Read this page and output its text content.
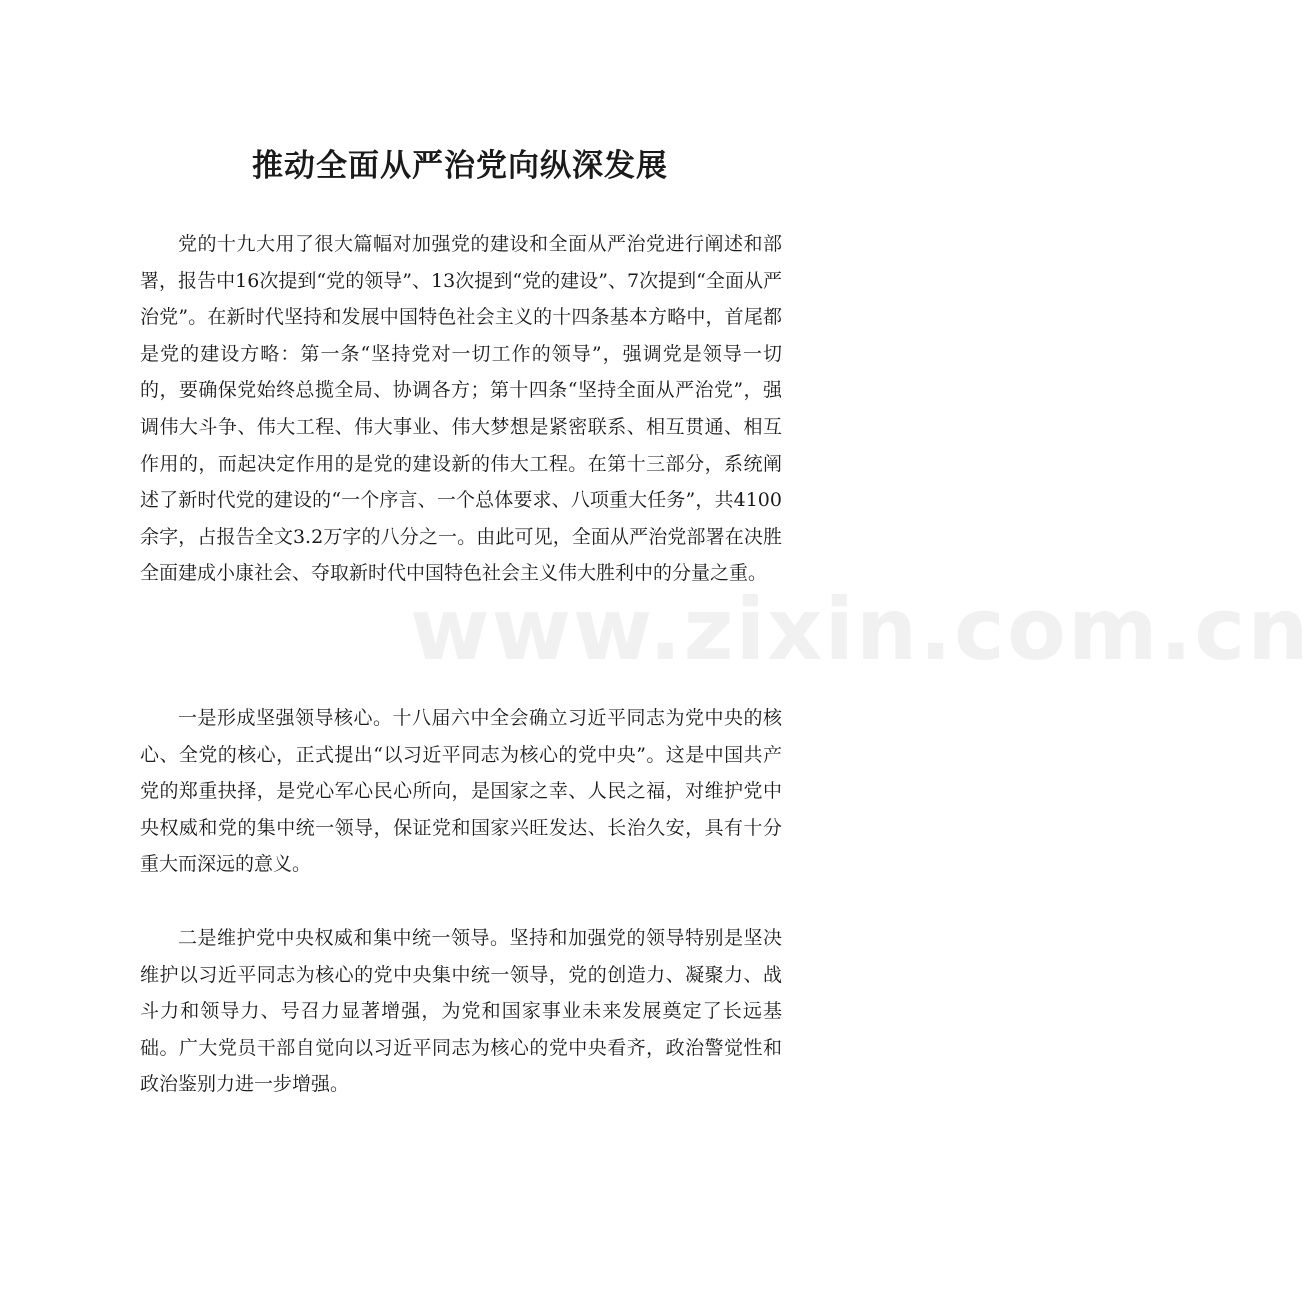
www.zixin.com.cn
推动全面从严治党向纵深发展

党的十九大用了很大篇幅对加强党的建设和全面从严治党进行阐述和部署，报告中16次提到“党的领导”、13次提到“党的建设”、7次提到“全面从严治党”。在新时代坚持和发展中国特色社会主义的十四条基本方略中，首尾都是党的建设方略：第一条“坚持党对一切工作的领导”，强调党是领导一切的，要确保党始终总揽全局、协调各方；第十四条“坚持全面从严治党”，强调伟大斗争、伟大工程、伟大事业、伟大梦想是紧密联系、相互贯通、相互作用的，而起决定作用的是党的建设新的伟大工程。在第十三部分，系统阐述了新时代党的建设的“一个序言、一个总体要求、八项重大任务”，共4100余字，占报告全文3.2万字的八分之一。由此可见，全面从严治党部署在决胜全面建成小康社会、夺取新时代中国特色社会主义伟大胜利中的分量之重。

一是形成坚强领导核心。十八届六中全会确立习近平同志为党中央的核心、全党的核心，正式提出“以习近平同志为核心的党中央”。这是中国共产党的郑重抉择，是党心军心民心所向，是国家之幸、人民之福，对维护党中央权威和党的集中统一领导，保证党和国家兴旺发达、长治久安，具有十分重大而深远的意义。

二是维护党中央权威和集中统一领导。坚持和加强党的领导特别是坚决维护以习近平同志为核心的党中央集中统一领导，党的创造力、凝聚力、战斗力和领导力、号召力显著增强，为党和国家事业未来发展奠定了长远基础。广大党员干部自觉向以习近平同志为核心的党中央看齐，政治警觉性和政治鉴别力进一步增强。
